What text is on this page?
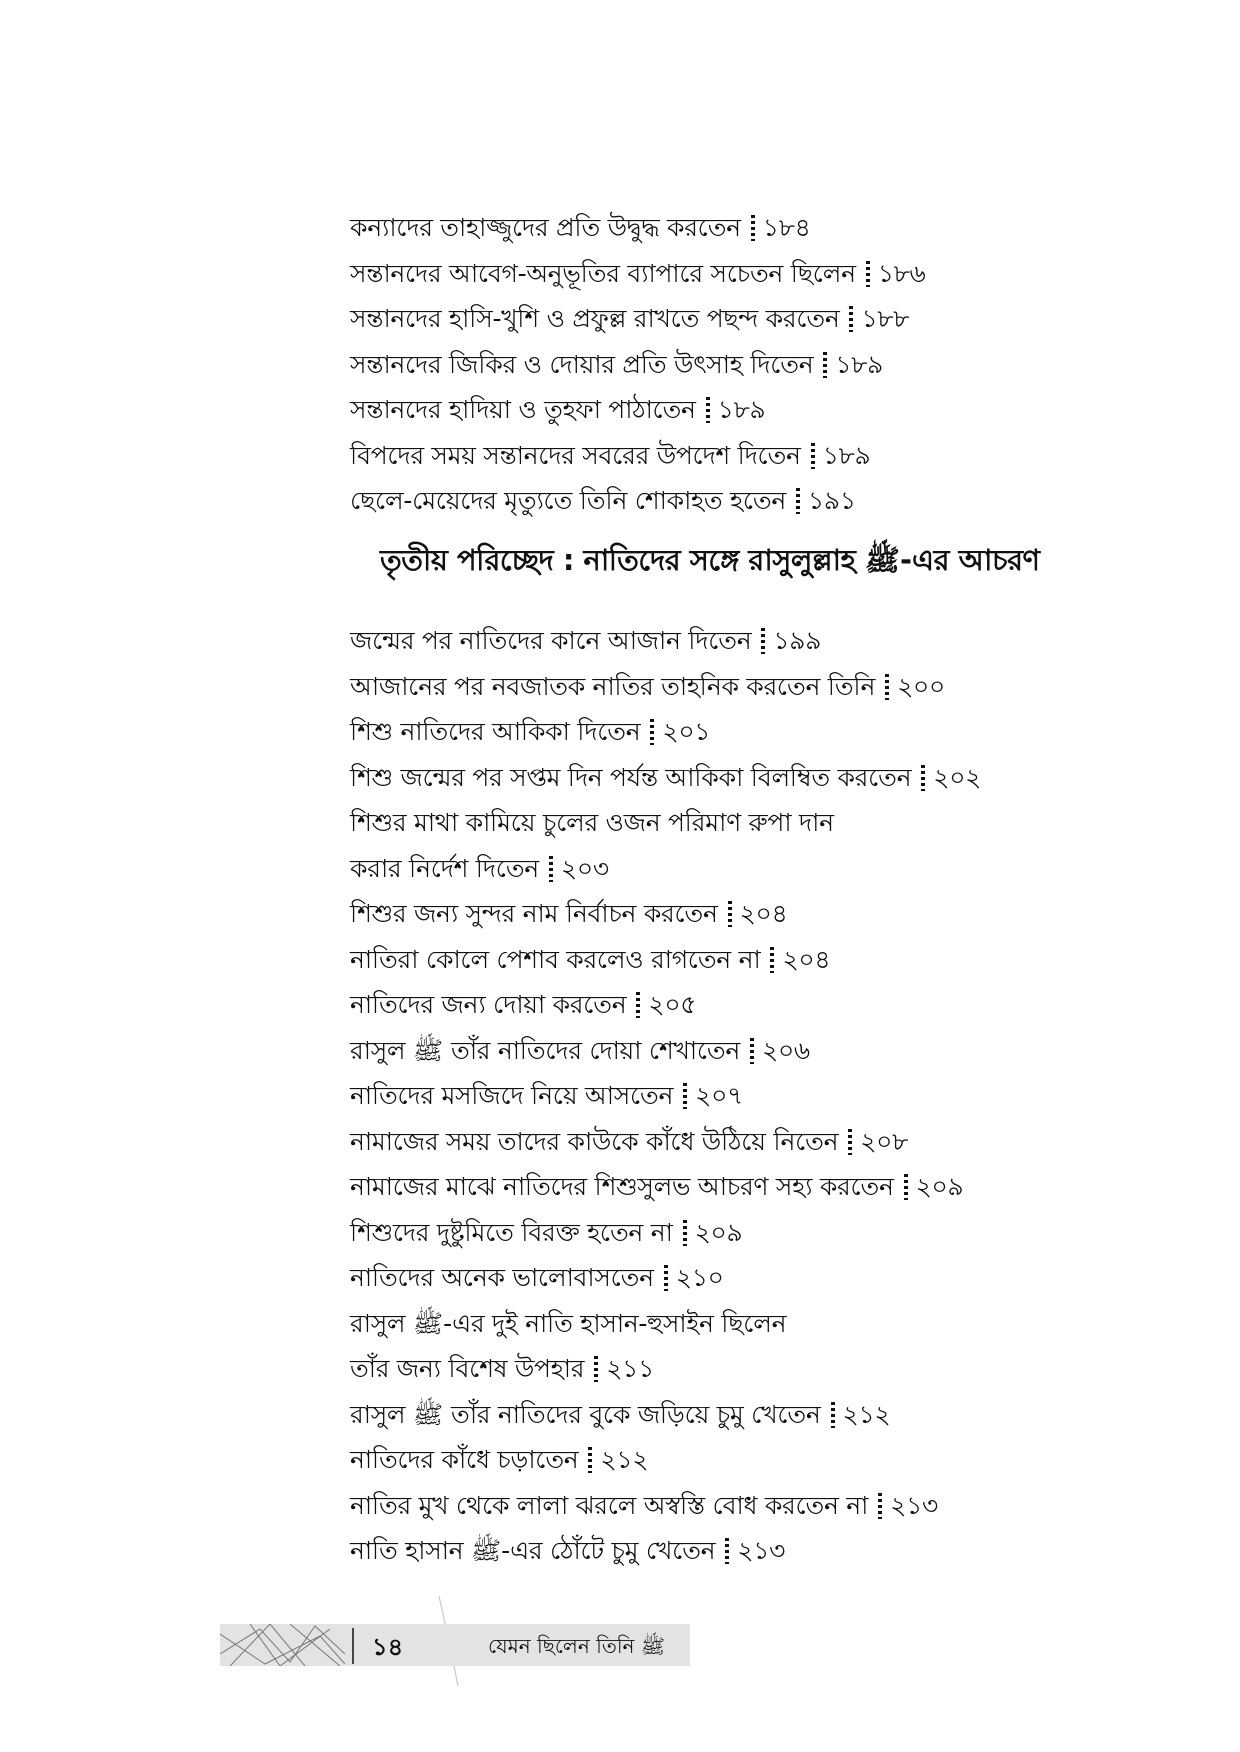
কন্যাদের তাহাজ্জুদের প্রতি উদ্বুদ্ধ করতেন ১৮৪
সন্তানদের আবেগ-অনুভূতির ব্যাপারে সচেতন ছিলেন ১৮৬
সন্তানদের হাসি-খুশি ও প্রফুল্ল রাখতে পছন্দ করতেন ১৮৮
সন্তানদের জিকির ও দোয়ার প্রতি উৎসাহ দিতেন ১৮৯
সন্তানদের হাদিয়া ও তুহফা পাঠাতেন ১৮৯
বিপদের সময় সন্তানদের সবরের উপদেশ দিতেন ১৮৯
ছেলে-মেয়েদের মৃত্যুতে তিনি শোকাহত হতেন ১৯১
তৃতীয় পরিচ্ছেদ : নাতিদের সঙ্গে রাসুলুল্লাহ ﷺ-এর আচরণ
জন্মের পর নাতিদের কানে আজান দিতেন ১৯৯
আজানের পর নবজাতক নাতির তাহনিক করতেন তিনি ২০০
শিশু নাতিদের আকিকা দিতেন ২০১
শিশু জন্মের পর সপ্তম দিন পর্যন্ত আকিকা বিলম্বিত করতেন ২০২
শিশুর মাথা কামিয়ে চুলের ওজন পরিমাণ রুপা দান
করার নির্দেশ দিতেন ২০৩
শিশুর জন্য সুন্দর নাম নির্বাচন করতেন ২০৪
নাতিরা কোলে পেশাব করলেও রাগতেন না ২০৪
নাতিদের জন্য দোয়া করতেন ২০৫
রাসুল ﷺ তাঁর নাতিদের দোয়া শেখাতেন ২০৬
নাতিদের মসজিদে নিয়ে আসতেন ২০৭
নামাজের সময় তাদের কাউকে কাঁধে উঠিয়ে নিতেন ২০৮
নামাজের মাঝে নাতিদের শিশুসুলভ আচরণ সহ্য করতেন ২০৯
শিশুদের দুষ্টুমিতে বিরক্ত হতেন না ২০৯
নাতিদের অনেক ভালোবাসতেন ২১০
রাসুল ﷺ-এর দুই নাতি হাসান-হুসাইন ছিলেন
তাঁর জন্য বিশেষ উপহার ২১১
রাসুল ﷺ তাঁর নাতিদের বুকে জড়িয়ে চুমু খেতেন ২১২
নাতিদের কাঁধে চড়াতেন ২১২
নাতির মুখ থেকে লালা ঝরলে অস্বস্তি বোধ করতেন না ২১৩
নাতি হাসান ﷺ-এর ঠোঁটে চুমু খেতেন ২১৩
১৪	যেমন ছিলেন তিনি ﷺ
